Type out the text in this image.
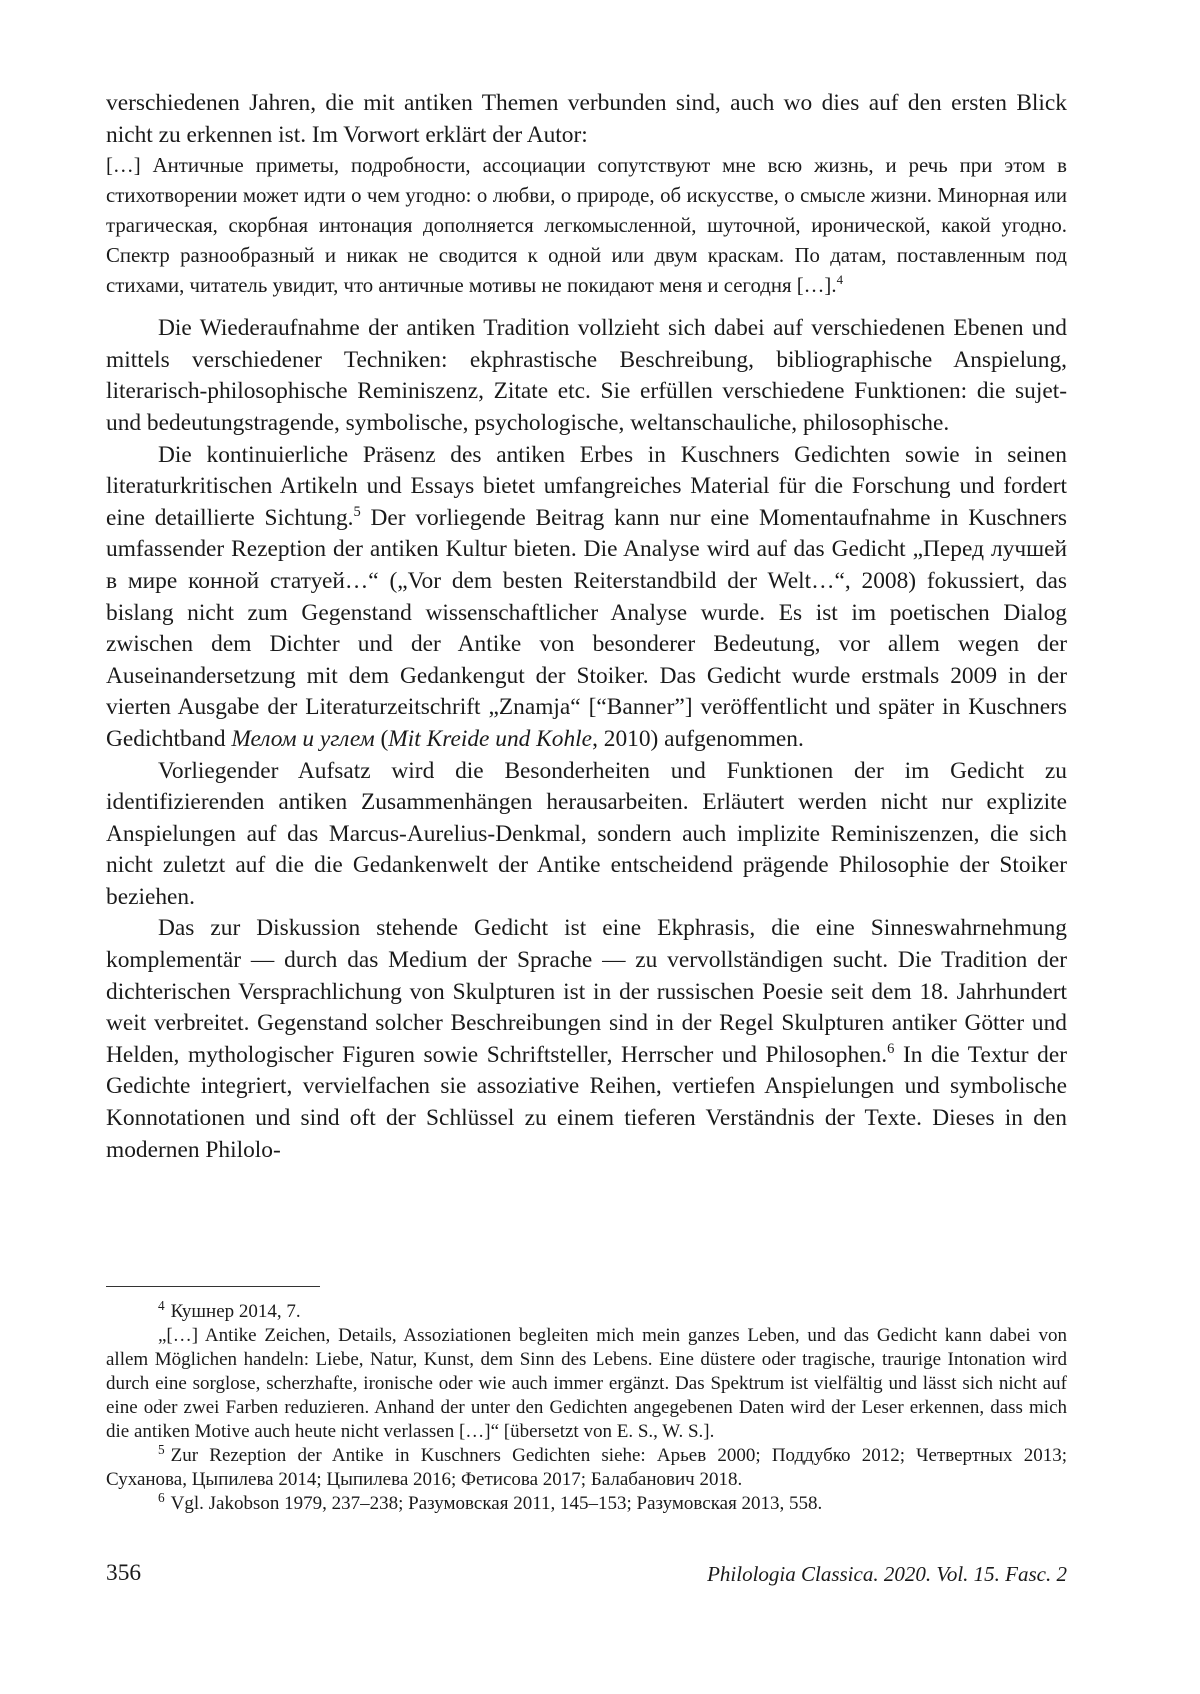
verschiedenen Jahren, die mit antiken Themen verbunden sind, auch wo dies auf den ersten Blick nicht zu erkennen ist. Im Vorwort erklärt der Autor:

[…] Античные приметы, подробности, ассоциации сопутствуют мне всю жизнь, и речь при этом в стихотворении может идти о чем угодно: о любви, о природе, об искусстве, о смысле жизни. Минорная или трагическая, скорбная интонация дополняется легкомысленной, шуточной, иронической, какой угодно. Спектр разнообразный и никак не сводится к одной или двум краскам. По датам, поставленным под стихами, читатель увидит, что античные мотивы не покидают меня и сегодня […].$^4$

Die Wiederaufnahme der antiken Tradition vollzieht sich dabei auf verschiedenen Ebenen und mittels verschiedener Techniken: ekphrastische Beschreibung, bibliographische Anspielung, literarisch-philosophische Reminiszenz, Zitate etc. Sie erfüllen verschiedene Funktionen: die sujet- und bedeutungstragende, symbolische, psychologische, weltanschauliche, philosophische.

Die kontinuierliche Präsenz des antiken Erbes in Kuschners Gedichten sowie in seinen literaturkritischen Artikeln und Essays bietet umfangreiches Material für die Forschung und fordert eine detaillierte Sichtung.$^5$ Der vorliegende Beitrag kann nur eine Momentaufnahme in Kuschners umfassender Rezeption der antiken Kultur bieten. Die Analyse wird auf das Gedicht „Перед лучшей в мире конной статуей…“ („Vor dem besten Reiterstandbild der Welt…“, 2008) fokussiert, das bislang nicht zum Gegenstand wissenschaftlicher Analyse wurde. Es ist im poetischen Dialog zwischen dem Dichter und der Antike von besonderer Bedeutung, vor allem wegen der Auseinandersetzung mit dem Gedankengut der Stoiker. Das Gedicht wurde erstmals 2009 in der vierten Ausgabe der Literaturzeitschrift „Znamja“ [“Banner”] veröffentlicht und später in Kuschners Gedichtband Мелом и углем (Mit Kreide und Kohle, 2010) aufgenommen.

Vorliegender Aufsatz wird die Besonderheiten und Funktionen der im Gedicht zu identifizierenden antiken Zusammenhängen herausarbeiten. Erläutert werden nicht nur explizite Anspielungen auf das Marcus-Aurelius-Denkmal, sondern auch implizite Reminiszenzen, die sich nicht zuletzt auf die die Gedankenwelt der Antike entscheidend prägende Philosophie der Stoiker beziehen.

Das zur Diskussion stehende Gedicht ist eine Ekphrasis, die eine Sinneswahrnehmung komplementär — durch das Medium der Sprache — zu vervollständigen sucht. Die Tradition der dichterischen Versprachlichung von Skulpturen ist in der russischen Poesie seit dem 18. Jahrhundert weit verbreitet. Gegenstand solcher Beschreibungen sind in der Regel Skulpturen antiker Götter und Helden, mythologischer Figuren sowie Schriftsteller, Herrscher und Philosophen.$^6$ In die Textur der Gedichte integriert, vervielfachen sie assoziative Reihen, vertiefen Anspielungen und symbolische Konnotationen und sind oft der Schlüssel zu einem tieferen Verständnis der Texte. Dieses in den modernen Philolo-

$^4$ Кушнер 2014, 7.

„[…] Antike Zeichen, Details, Assoziationen begleiten mich mein ganzes Leben, und das Gedicht kann dabei von allem Möglichen handeln: Liebe, Natur, Kunst, dem Sinn des Lebens. Eine düstere oder tragische, traurige Intonation wird durch eine sorglose, scherzhafte, ironische oder wie auch immer ergänzt. Das Spektrum ist vielfältig und lässt sich nicht auf eine oder zwei Farben reduzieren. Anhand der unter den Gedichten angegebenen Daten wird der Leser erkennen, dass mich die antiken Motive auch heute nicht verlassen […]“ [übersetzt von E. S., W. S.].

$^5$ Zur Rezeption der Antike in Kuschners Gedichten siehe: Арьев 2000; Поддубко 2012; Четвертных 2013; Суханова, Цыпилева 2014; Цыпилева 2016; Фетисова 2017; Балабанович 2018.

$^6$ Vgl. Jakobson 1979, 237–238; Разумовская 2011, 145–153; Разумовская 2013, 558.

356	Philologia Classica. 2020. Vol. 15. Fasc. 2
